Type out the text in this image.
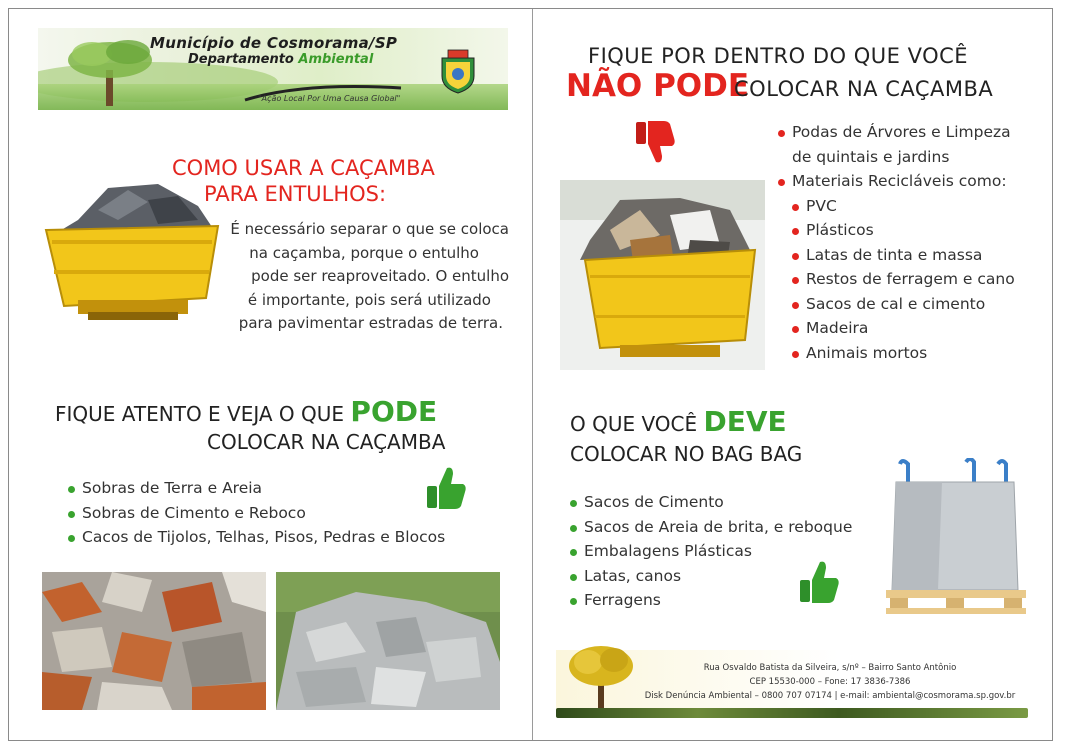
Município de Cosmorama/SP
Departamento Ambiental
"Ação Local Por Uma Causa Global"
COMO USAR A CAÇAMBA
PARA ENTULHOS:
É necessário separar o que se coloca
na caçamba, porque o entulho
pode ser reaproveitado. O entulho
é importante, pois será utilizado
para pavimentar estradas de terra.
FIQUE ATENTO E VEJA O QUE PODE
COLOCAR NA CAÇAMBA
Sobras de Terra e Areia
Sobras de Cimento e Reboco
Cacos de Tijolos, Telhas, Pisos, Pedras e Blocos
FIQUE POR DENTRO DO QUE VOCÊ
NÃO PODE
COLOCAR NA CAÇAMBA
Podas de Árvores e Limpeza
de quintais e jardins
Materiais Recicláveis como:
PVC
Plásticos
Latas de tinta e massa
Restos de ferragem e cano
Sacos de cal e cimento
Madeira
Animais mortos
O QUE VOCÊ DEVE
COLOCAR NO BAG BAG
Sacos de Cimento
Sacos de Areia de brita, e reboque
Embalagens Plásticas
Latas, canos
Ferragens
Rua Osvaldo Batista da Silveira, s/nº – Bairro Santo Antônio
CEP 15530-000 – Fone: 17 3836-7386
Disk Denúncia Ambiental – 0800 707 07174 | e-mail: ambiental@cosmorama.sp.gov.br
